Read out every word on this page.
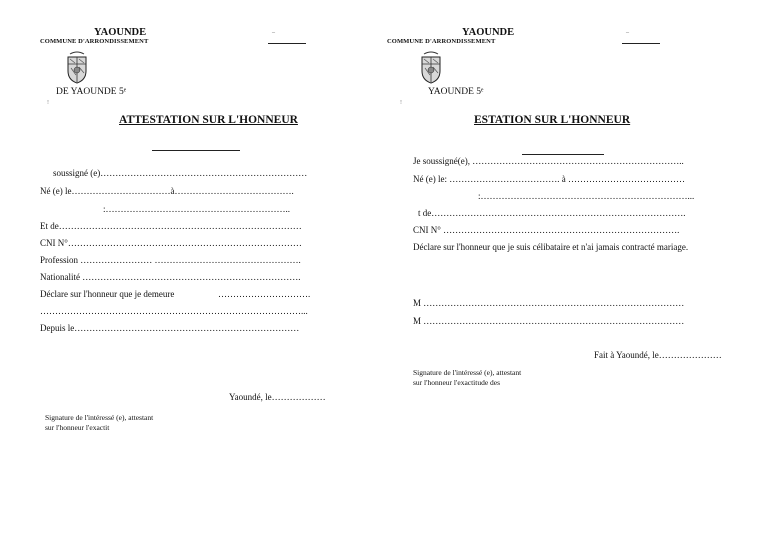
YAOUNDE
COMMUNE D'ARRONDISSEMENT
_
DE YAOUNDE 5ᵉ
!
ATTESTATION SUR L'HONNEUR
soussigné (e)……………………………………………………………
Né (e) le……………………………à………………………………….
:……………………………………………………..
Et de………………………………………………………………………
CNI N°……………………………………………………………………
Profession …………………… ………………………………………….
Nationalité ……………………………………………………………….
Déclare sur l'honneur que je demeure	………………………….
……………………………………………………………………………...
Depuis le…………………………………………………………………
Yaoundé, le………………
Signature de l'intéressé (e), attestant
sur l'honneur l'exactit
YAOUNDE
COMMUNE D'ARRONDISSEMENT
_
YAOUNDE 5ᵉ
!
ESTATION SUR L'HONNEUR
Je soussigné(e), ……………………………………………………………..
Né (e) le: ………………………………. à …………………………………
:……………………………………………………………...
t de………………………………………………………………………….
CNI N° …………………………………………………………………….
Déclare sur l'honneur que je suis célibataire et n'ai jamais contracté mariage.
M ……………………………………………………………………………
M ……………………………………………………………………………
Fait à Yaoundé, le…………………
Signature de l'intéressé (e), attestant
sur l'honneur l'exactitude des
